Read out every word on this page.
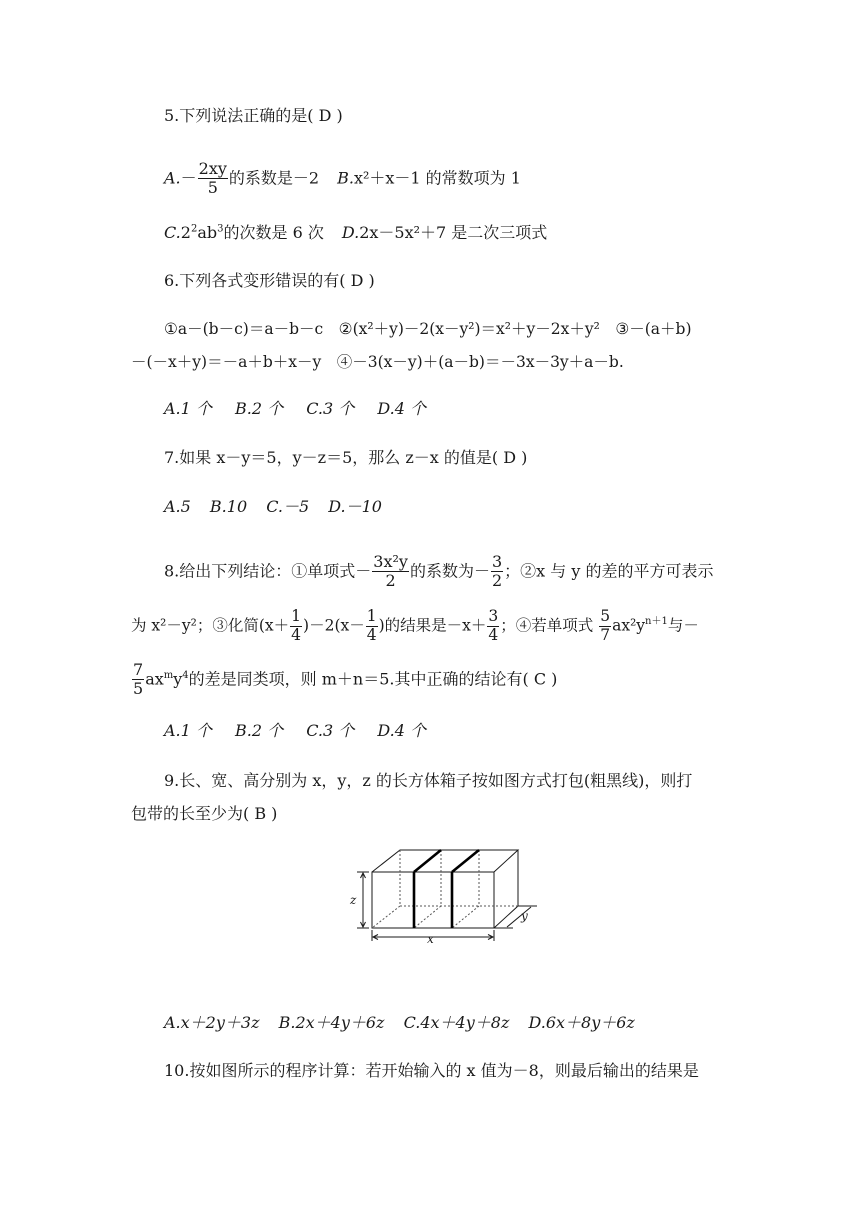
5.下列说法正确的是( D )
$A.- \frac{2xy}{5}$ 的系数是－2 B.x²＋x－1 的常数项为 1
$C.2^2ab^3$的次数是 6 次 D.2x－5x²＋7 是二次三项式
6.下列各式变形错误的有( D )
①a－(b－c)＝a－b－c　②(x²＋y)－2(x－y²)＝x²＋y－2x＋y²　③－(a＋b)
－(－x＋y)＝－a＋b＋x－y　④－3(x－y)＋(a－b)＝－3x－3y＋a－b.
A.1 个 B.2 个 C.3 个 D.4 个
7.如果 x－y＝5，y－z＝5，那么 z－x 的值是( D )
A.5 B.10 C.－5 D.－10
8.给出下列结论：①单项式－ $\frac{\text{3x²y}}{2}$ 的系数为－ $\frac{3}{2}$ ；②x 与 y 的差的平方可表示
为 x²－y²；③化简$(x+ \frac{1}{4} )-2(x- \frac{1}{4}$ )的结果是$-x+ \frac{3}{4}$ ；④若单项式 $\frac{5}{7} ax^2y^{n+1}$与－
$\frac{7}{5} ax^my^4$的差是同类项，则 m＋n＝5.其中正确的结论有( C )
A.1 个 B.2 个 C.3 个 D.4 个
9.长、宽、高分别为 x，y，z 的长方体箱子按如图方式打包(粗黑线)，则打
包带的长至少为( B )
z
x
y
A.x＋2y＋3z B.2x＋4y＋6z C.4x＋4y＋8z D.6x＋8y＋6z
10.按如图所示的程序计算：若开始输入的 x 值为－8，则最后输出的结果是
